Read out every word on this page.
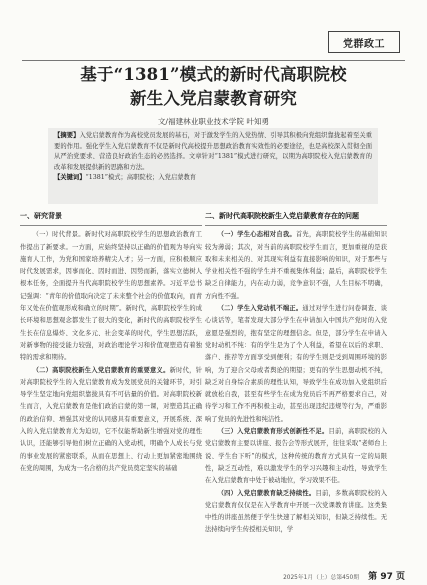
党群政工
基于“1381”模式的新时代高职院校
新生入党启蒙教育研究
文/福建林业职业技术学院 叶知勇
【摘要】入党启蒙教育作为高校党员发展的基石，对于激发学生的入党热情、引导其积极向党组织靠拢起着至关重要的作用。强化学生入党启蒙教育不仅是新时代高校提升思想政治教育实效性的必要途径，也是高校深入贯彻全面从严治党要求、营造良好政治生态的必然选择。文章针对“1381”模式进行研究，以期为高职院校入党启蒙教育的改革和发展提供新的思路和方法。
【关键词】“1381”模式；高职院校；入党启蒙教育
一、研究背景

（一）时代背景。新时代对高职院校学生的思想政治教育工作提出了新要求。一方面，应始终坚持以正确的价值观为导向实施育人工作，为党和国家培养精尖人才；另一方面，应积极顺应时代发展需求，因事而化、因时而进、因势而新，落实立德树人根本任务，全面提升当代高职院校学生的思想素养。习近平总书记强调：“青年的价值取向决定了未来整个社会的价值取向，而青年又处在价值观形成和确立的时期”。新时代，高职院校学生的成长环境和思想观念都发生了很大的变化，新时代的高职院校学生生长在信息爆炸、文化多元、社会变革的时代，学生思想活跃，对新事物的接受能力较强，对政治理论学习和价值观塑造有着独特的需求和期待。

（二）高职院校新生入党启蒙教育的重要意义。新时代，针对高职院校学生的入党启蒙教育成为发展党员的关键环节，对引导学生坚定地向党组织靠拢具有不可估量的价值。对高职院校新生而言，入党启蒙教育是他们政治启蒙的第一课，对塑造其正确的政治信仰、增强其对党的认同感具有重要意义，开展系统、深入的入党启蒙教育尤为迫切，它不仅能帮助新生增强对党的理性认识，还能够引导他们树立正确的入党动机，明确个人成长与党的事业发展的紧密联系，从而在思想上、行动上更加紧密地围绕在党的周围，为成为一名合格的共产党员奠定坚实的基础

二、新时代高职院校新生入党启蒙教育存在的问题

（一）学生心态相对自我。首先，高职院校学生的基础知识较为薄弱；其次，对当前的高职院校学生而言，更加重视的是获取和未来相关的、对其现实利益有直接影响的知识，对于那些与学业相关性不强的学生并不重视集体利益；最后，高职院校学生缺乏自律能力，内在动力弱，竞争意识不强，人生目标不明确，方向性不强。

（二）学生入党动机不端正。通过对学生进行问卷调查、谈心谈话等，笔者发现大部分学生在申请加入中国共产党时的入党意愿是强烈的，抱有坚定的理想信念。但是，部分学生在申请入党时动机不纯：有的学生是为了个人利益，希望在以后的求职、落户、推荐等方面享受到便利；有的学生则是受到周围环境的影响，为了迎合父母或者舆论的期望；更有的学生思想动机不纯，缺乏对自身综合素质的理性认知，导致学生在成功加入党组织后就放松自我，甚至有些学生在成为党员后不再严格要求自己，对待学习和工作不再积极主动，甚至出现违纪违规等行为，严重影响了党员的先进性和纯洁性。

（三）入党启蒙教育形式创新性不足。目前，高职院校的入党启蒙教育主要以讲座、报告会等形式展开，往往采取“老师台上说、学生台下听”的模式，这种传统的教育方式具有一定的局限性，缺乏互动性，难以激发学生的学习兴趣和主动性，导致学生在入党启蒙教育中处于被动地位，学习效果不佳。

（四）入党启蒙教育缺乏持续性。目前，多数高职院校的入党启蒙教育仅仅是在入学教育中开展一次党课教育讲座。这类集中性的讲座虽然便于学生快速了解相关知识，但缺乏持续性。无法持续向学生传授相关知识，学

2025年1月（上）总第450期 第 97 页
